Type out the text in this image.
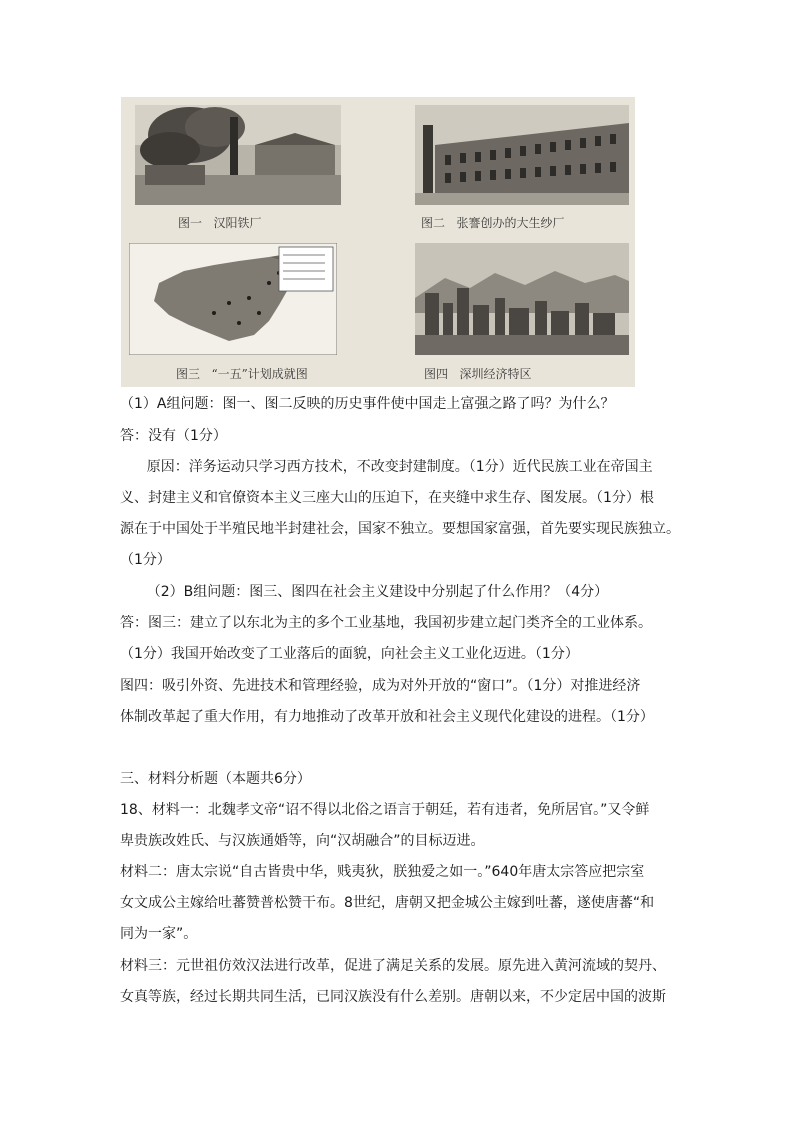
图一   汉阳铁厂	图二   张謇创办的大生纱厂
图三   “一五”计划成就图	图四   深圳经济特区
（1）A组问题：图一、图二反映的历史事件使中国走上富强之路了吗？为什么？
答：没有（1分）
原因：洋务运动只学习西方技术，不改变封建制度。（1分）近代民族工业在帝国主
义、封建主义和官僚资本主义三座大山的压迫下，在夹缝中求生存、图发展。（1分）根
源在于中国处于半殖民地半封建社会，国家不独立。要想国家富强，首先要实现民族独立。
（1分）
（2）B组问题：图三、图四在社会主义建设中分别起了什么作用？（4分）
答：图三：建立了以东北为主的多个工业基地，我国初步建立起门类齐全的工业体系。
（1分）我国开始改变了工业落后的面貌，向社会主义工业化迈进。（1分）
图四：吸引外资、先进技术和管理经验，成为对外开放的“窗口”。（1分）对推进经济
体制改革起了重大作用，有力地推动了改革开放和社会主义现代化建设的进程。（1分）
三、材料分析题（本题共6分）
18、材料一：北魏孝文帝“诏不得以北俗之语言于朝廷，若有违者，免所居官。”又令鲜
卑贵族改姓氏、与汉族通婚等，向“汉胡融合”的目标迈进。
材料二：唐太宗说“自古皆贵中华，贱夷狄，朕独爱之如一。”640年唐太宗答应把宗室
女文成公主嫁给吐蕃赞普松赞干布。8世纪，唐朝又把金城公主嫁到吐蕃，遂使唐蕃“和
同为一家”。
材料三：元世祖仿效汉法进行改革，促进了满足关系的发展。原先进入黄河流域的契丹、
女真等族，经过长期共同生活，已同汉族没有什么差别。唐朝以来，不少定居中国的波斯
